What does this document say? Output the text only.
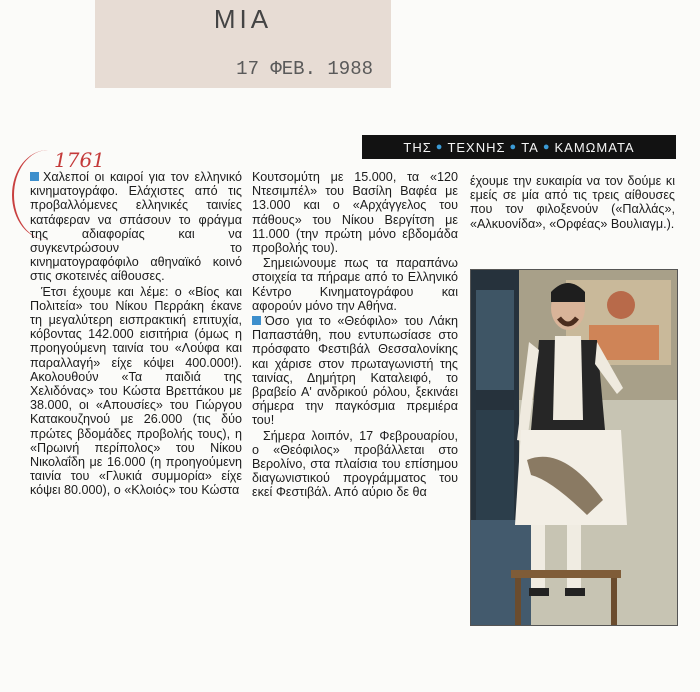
ΜΙΑ
17 ΦΕΒ. 1988
1761
ΤΗΣ ● ΤΕΧΝΗΣ ● ΤΑ ● ΚΑΜΩΜΑΤΑ

Χαλεποί οι καιροί για τον ελληνικό κινηματογράφο. Ελάχιστες από τις προβαλλόμενες ελληνικές ταινίες κατάφεραν να σπάσουν το φράγμα της αδιαφορίας και να συγκεντρώσουν το κινηματογραφόφιλο αθηναϊκό κοινό στις σκοτεινές αίθουσες.

Έτσι έχουμε και λέμε: ο «Βίος και Πολιτεία» του Νίκου Περράκη έκανε τη μεγαλύτερη εισπρακτική επιτυχία, κόβοντας 142.000 εισιτήρια (όμως η προηγούμενη ταινία του «Λούφα και παραλλαγή» είχε κόψει 400.000!). Ακολουθούν «Τα παιδιά της Χελιδόνας» του Κώστα Βρεττάκου με 38.000, οι «Απουσίες» του Γιώργου Κατακουζηνού με 26.000 (τις δύο πρώτες βδομάδες προβολής τους), η «Πρωινή περίπολος» του Νίκου Νικολαΐδη με 16.000 (η προηγούμενη ταινία του «Γλυκιά συμμορία» είχε κόψει 80.000), ο «Κλοιός» του Κώστα

Κουτσομύτη με 15.000, τα «120 Ντεσιμπέλ» του Βασίλη Βαφέα με 13.000 και ο «Αρχάγγελος του πάθους» του Νίκου Βεργίτση με 11.000 (την πρώτη μόνο εβδομάδα προβολής του).

Σημειώνουμε πως τα παραπάνω στοιχεία τα πήραμε από το Ελληνικό Κέντρο Κινηματογράφου και αφορούν μόνο την Αθήνα.

Όσο για το «Θεόφιλο» του Λάκη Παπαστάθη, που εντυπωσίασε στο πρόσφατο Φεστιβάλ Θεσσαλονίκης και χάρισε στον πρωταγωνιστή της ταινίας, Δημήτρη Καταλειφό, το βραβείο Α' ανδρικού ρόλου, ξεκινάει σήμερα την παγκόσμια πρεμιέρα του!

Σήμερα λοιπόν, 17 Φεβρουαρίου, ο «Θεόφιλος» προβάλλεται στο Βερολίνο, στα πλαίσια του επίσημου διαγωνιστικού προγράμματος του εκεί Φεστιβάλ. Από αύριο δε θα

έχουμε την ευκαιρία να τον δούμε κι εμείς σε μία από τις τρεις αίθουσες που τον φιλοξενούν («Παλλάς», «Αλκυονίδα», «Ορφέας» Βουλιαγμ.).
